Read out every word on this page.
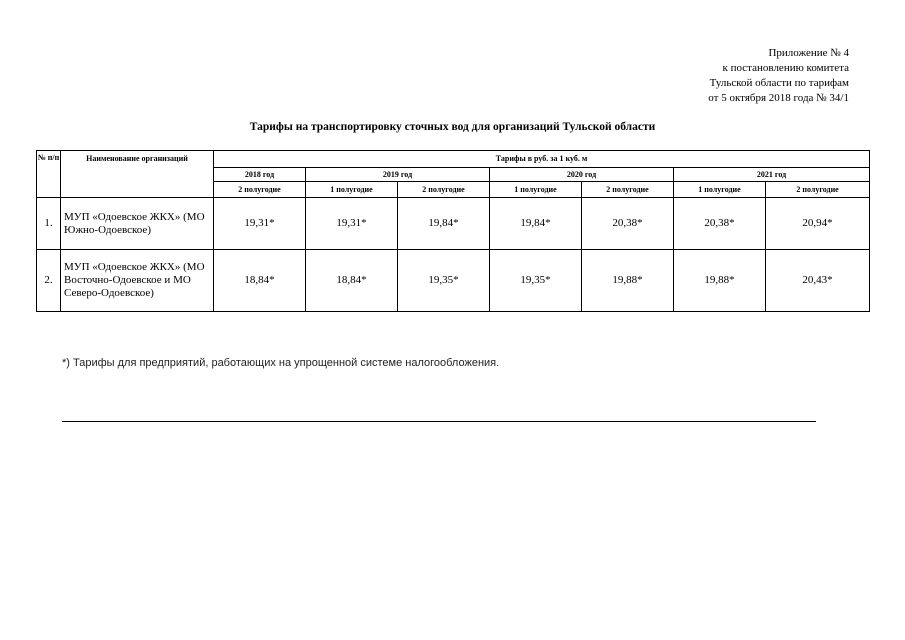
Приложение № 4
к постановлению комитета
Тульской области по тарифам
от 5 октября 2018 года № 34/1
Тарифы на транспортировку сточных вод для организаций Тульской области
№ п/п	Наименование организаций	Тарифы в руб. за 1 куб. м						
		2018 год	2019 год		2020 год		2021 год	
		2 полугодие	1 полугодие	2 полугодие	1 полугодие	2 полугодие	1 полугодие	2 полугодие
1.	МУП «Одоевское ЖКХ» (МО Южно-Одоевское)	19,31*	19,31*	19,84*	19,84*	20,38*	20,38*	20,94*
2.	МУП «Одоевское ЖКХ» (МО Восточно-Одоевское и МО Северо-Одоевское)	18,84*	18,84*	19,35*	19,35*	19,88*	19,88*	20,43*
*) Тарифы для предприятий, работающих на упрощенной системе налогообложения.
